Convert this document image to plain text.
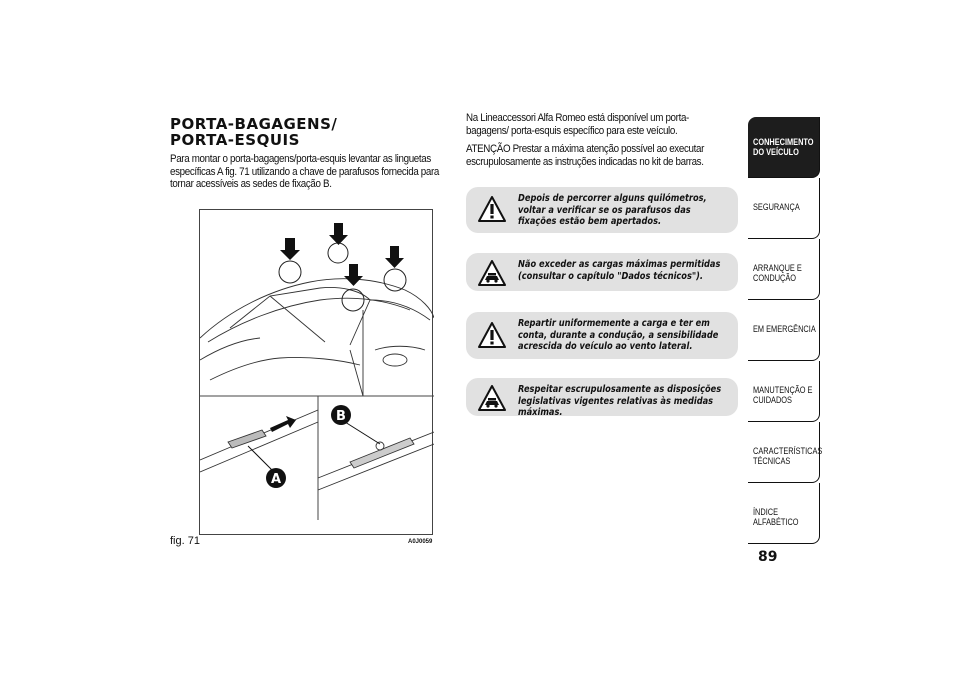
PORTA-BAGAGENS/
PORTA-ESQUIS

Para montar o porta-bagagens/porta-esquis levantar as linguetas específicas A fig. 71 utilizando a chave de parafusos fornecida para tornar acessíveis as sedes de fixação B.

A
B
fig. 71	A0J0059

Na Lineaccessori Alfa Romeo está disponível um porta-bagagens/ porta-esquis específico para este veículo.

ATENÇÃO Prestar a máxima atenção possível ao executar escrupulosamente as instruções indicadas no kit de barras.

Depois de percorrer alguns quilómetros, voltar a verificar se os parafusos das fixações estão bem apertados.
Não exceder as cargas máximas permitidas (consultar o capítulo "Dados técnicos").
Repartir uniformemente a carga e ter em conta, durante a condução, a sensibilidade acrescida do veículo ao vento lateral.
Respeitar escrupulosamente as disposições legislativas vigentes relativas às medidas máximas.
CONHECIMENTO DO VEÍCULO
SEGURANÇA
ARRANQUE E CONDUÇÃO
EM EMERGÊNCIA
MANUTENÇÃO E CUIDADOS
CARACTERÍSTICAS TÉCNICAS
ÍNDICE ALFABÉTICO
89
